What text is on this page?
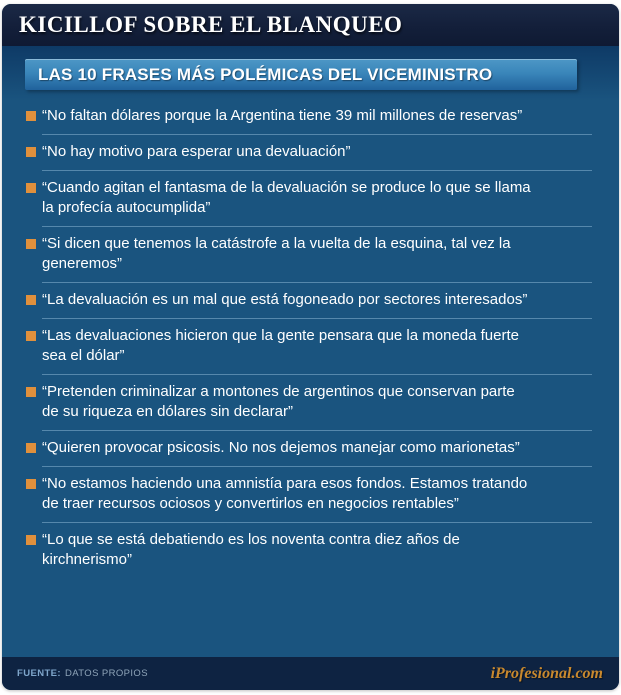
KICILLOF SOBRE EL BLANQUEO
LAS 10 FRASES MÁS POLÉMICAS DEL VICEMINISTRO
“No faltan dólares porque la Argentina tiene 39 mil millones de reservas”
“No hay motivo para esperar una devaluación”
“Cuando agitan el fantasma de la devaluación se produce lo que se llama la profecía autocumplida”
“Si dicen que tenemos la catástrofe a la vuelta de la esquina, tal vez la generemos”
“La devaluación es un mal que está fogoneado por sectores interesados”
“Las devaluaciones hicieron que la gente pensara que la moneda fuerte sea el dólar”
“Pretenden criminalizar a montones de argentinos que conservan parte de su riqueza en dólares sin declarar”
“Quieren provocar psicosis. No nos dejemos manejar como marionetas”
“No estamos haciendo una amnistía para esos fondos. Estamos tratando de traer recursos ociosos y convertirlos en negocios rentables”
“Lo que se está debatiendo es los noventa contra diez años de kirchnerismo”
FUENTE: DATOS PROPIOS	iProfesional.com
